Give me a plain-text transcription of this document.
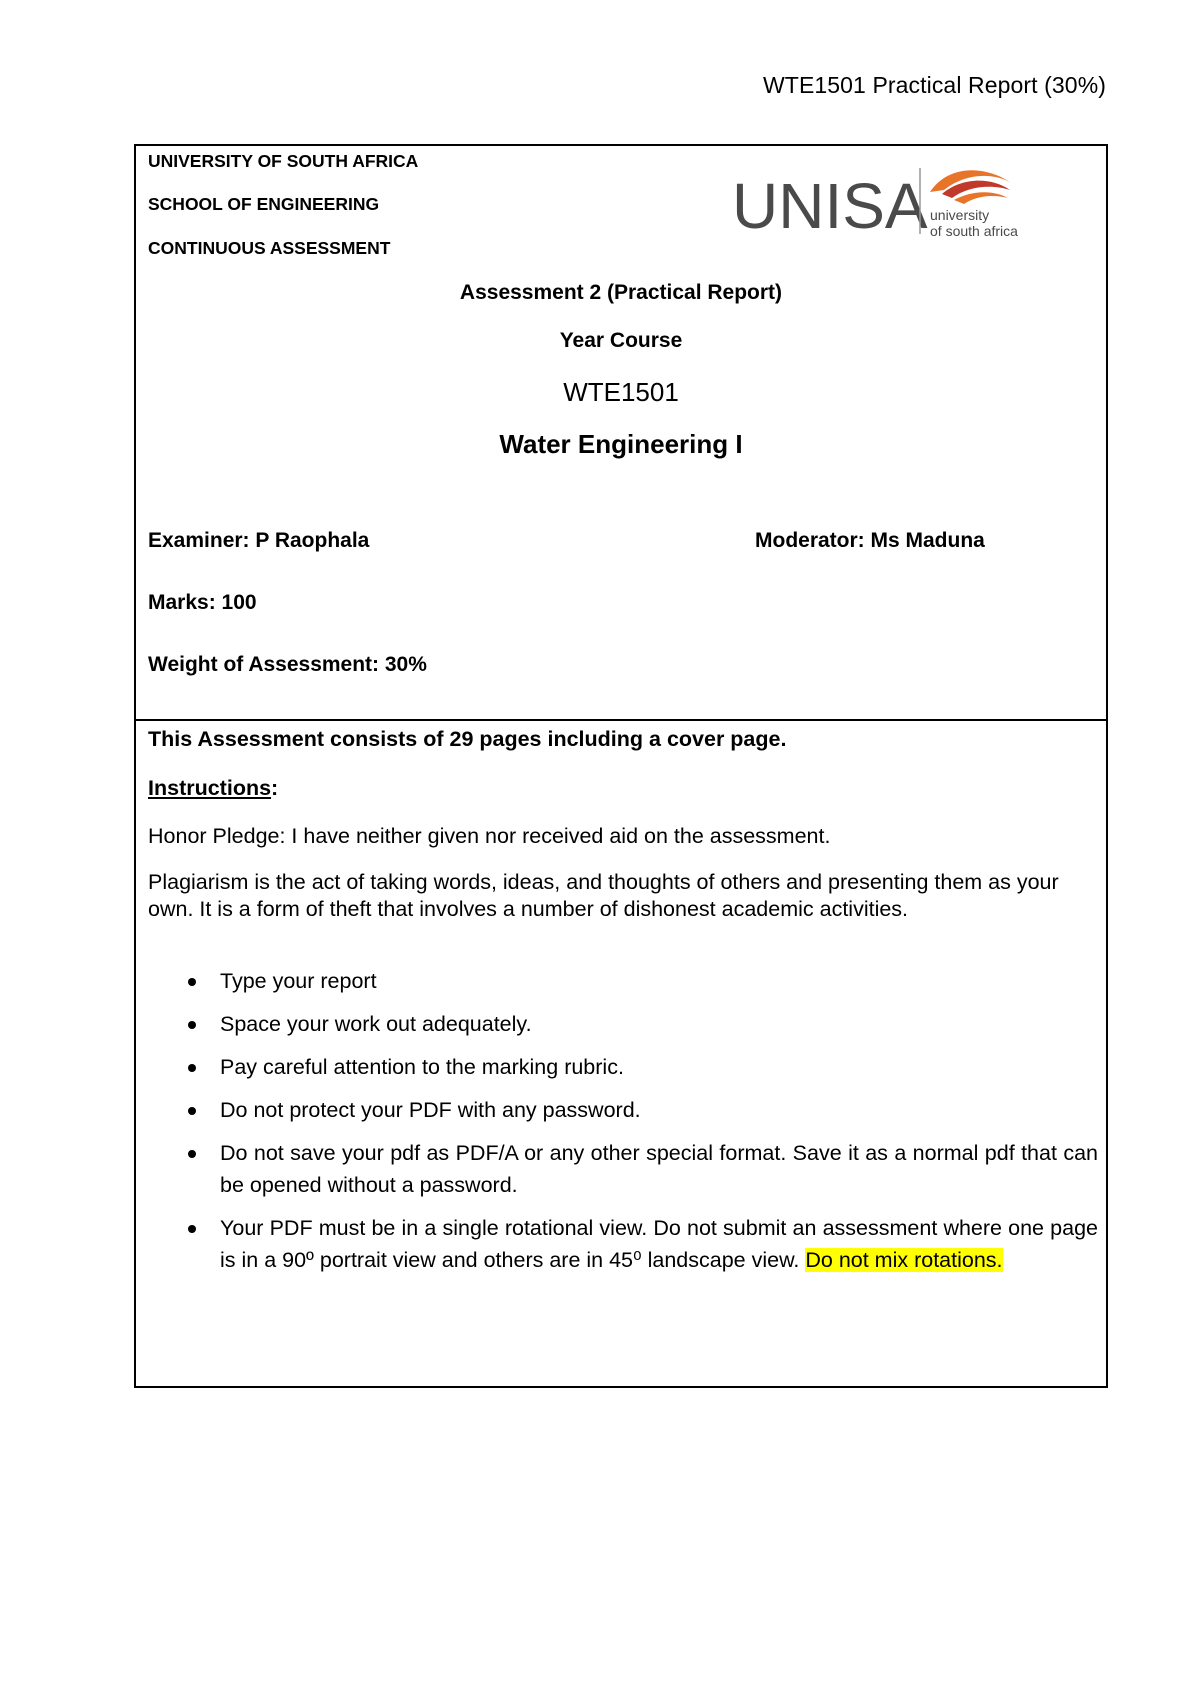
WTE1501 Practical Report (30%)
UNIVERSITY OF SOUTH AFRICA
SCHOOL OF ENGINEERING
CONTINUOUS ASSESSMENT
UNISA university
of south africa
Assessment 2 (Practical Report)
Year Course
WTE1501
Water Engineering I
Examiner: P Raophala	Moderator: Ms Maduna
Marks: 100
Weight of Assessment: 30%
This Assessment consists of 29 pages including a cover page.
Instructions:
Honor Pledge: I have neither given nor received aid on the assessment.
Plagiarism is the act of taking words, ideas, and thoughts of others and presenting them as your own. It is a form of theft that involves a number of dishonest academic activities.
Type your report
Space your work out adequately.
Pay careful attention to the marking rubric.
Do not protect your PDF with any password.
Do not save your pdf as PDF/A or any other special format. Save it as a normal pdf that can be opened without a password.
Your PDF must be in a single rotational view. Do not submit an assessment where one page is in a 90º portrait view and others are in 45⁰ landscape view. Do not mix rotations.
